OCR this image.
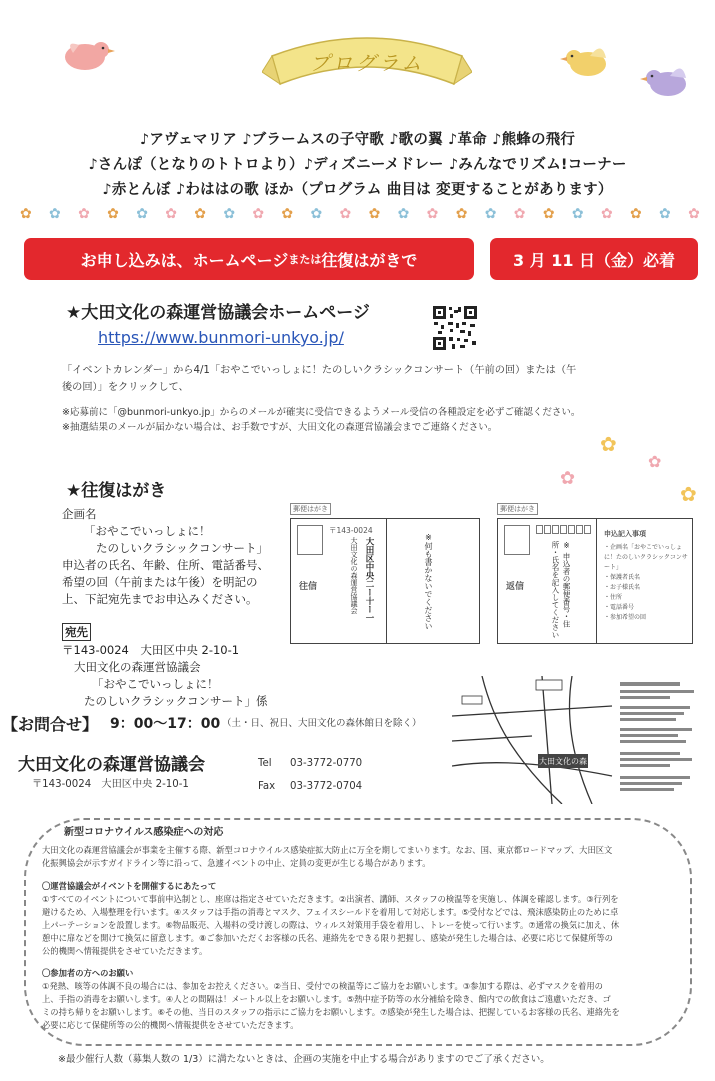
プログラム
♪アヴェマリア ♪ブラームスの子守歌 ♪歌の翼 ♪革命 ♪熊蜂の飛行
♪さんぽ（となりのトトロより）♪ディズニーメドレー ♪みんなでリズム!コーナー
♪赤とんぼ ♪わははの歌 ほか（プログラム 曲目は 変更することがあります）
✿ ✿ ✿ ✿ ✿ ✿ ✿ ✿ ✿ ✿ ✿ ✿ ✿ ✿ ✿ ✿ ✿ ✿ ✿ ✿ ✿ ✿ ✿ ✿
お申し込みは、ホームページ または 往復はがきで	3 月 11 日（金）必着
★大田文化の森運営協議会ホームページ
https://www.bunmori-unkyo.jp/
「イベントカレンダー」から4/1「おやこでいっしょに！たのしいクラシックコンサート（午前の回）または（午
後の回）」をクリックして、
※応募前に「@bunmori-unkyo.jp」からのメールが確実に受信できるようメール受信の各種設定を必ずご確認ください。
※抽選結果のメールが届かない場合は、お手数ですが、大田文化の森運営協議会までご連絡ください。
✿
✿
✿
✿
★往復はがき
企画名
「おやこでいっしょに！
たのしいクラシックコンサート」
申込者の氏名、年齢、住所、電話番号、
希望の回（午前または午後）を明記の
上、下記宛先までお申込みください。
宛先
〒143-0024　大田区中央 2-10-1
大田文化の森運営協議会
「おやこでいっしょに！
たのしいクラシックコンサート」係
郵便はがき
往信
〒143-0024
大田区中央二ー十ー一
大田文化の森運営協議会	※何も書かないでください
郵便はがき
返信	※ 申込者の郵便番号・住所・氏名を記入してください
申込記入事項
・企画名「おやこでいっしょに！たのしいクラシックコンサート」
・保護者氏名
・お子様氏名
・住所
・電話番号
・参加希望の回
【お問合せ】 9：00〜17：00 （土・日、祝日、大田文化の森休館日を除く）
大田文化の森運営協議会
〒143-0024　大田区中央 2-10-1
Tel 03-3772-0770
Fax 03-3772-0704
大田文化の森
新型コロナウイルス感染症への対応
大田文化の森運営協議会が事業を主催する際、新型コロナウイルス感染症拡大防止に万全を期してまいります。なお、国、東京都ロードマップ、大田区文
化振興協会が示すガイドライン等に沿って、急遽イベントの中止、定員の変更が生じる場合があります。
〇運営協議会がイベントを開催するにあたって
①すべてのイベントについて事前申込制とし、座席は指定させていただきます。②出演者、講師、スタッフの検温等を実施し、体調を確認します。③行列を
避けるため、入場整理を行います。④スタッフは手指の消毒とマスク、フェイスシールドを着用して対応します。⑤受付などでは、飛沫感染防止のために卓
上パーテーションを設置します。⑥物品販売、入場料の受け渡しの際は、ウィルス対策用手袋を着用し、トレーを使って行います。⑦通常の換気に加え、休
憩中に扉などを開けて換気に留意します。⑧ご参加いただくお客様の氏名、連絡先をできる限り把握し、感染が発生した場合は、必要に応じて保健所等の
公的機関へ情報提供をさせていただきます。
〇参加者の方へのお願い
①発熱、咳等の体調不良の場合には、参加をお控えください。②当日、受付での検温等にご協力をお願いします。③参加する際は、必ずマスクを着用の
上、手指の消毒をお願いします。④人との間隔は！メートル以上をお願いします。⑤熱中症予防等の水分補給を除き、館内での飲食はご遠慮いただき、ゴ
ミの持ち帰りをお願いします。⑥その他、当日のスタッフの指示にご協力をお願いします。⑦感染が発生した場合は、把握しているお客様の氏名、連絡先を
必要に応じて保健所等の公的機関へ情報提供をさせていただきます。
※最少催行人数（募集人数の 1/3）に満たないときは、企画の実施を中止する場合がありますのでご了承ください。
